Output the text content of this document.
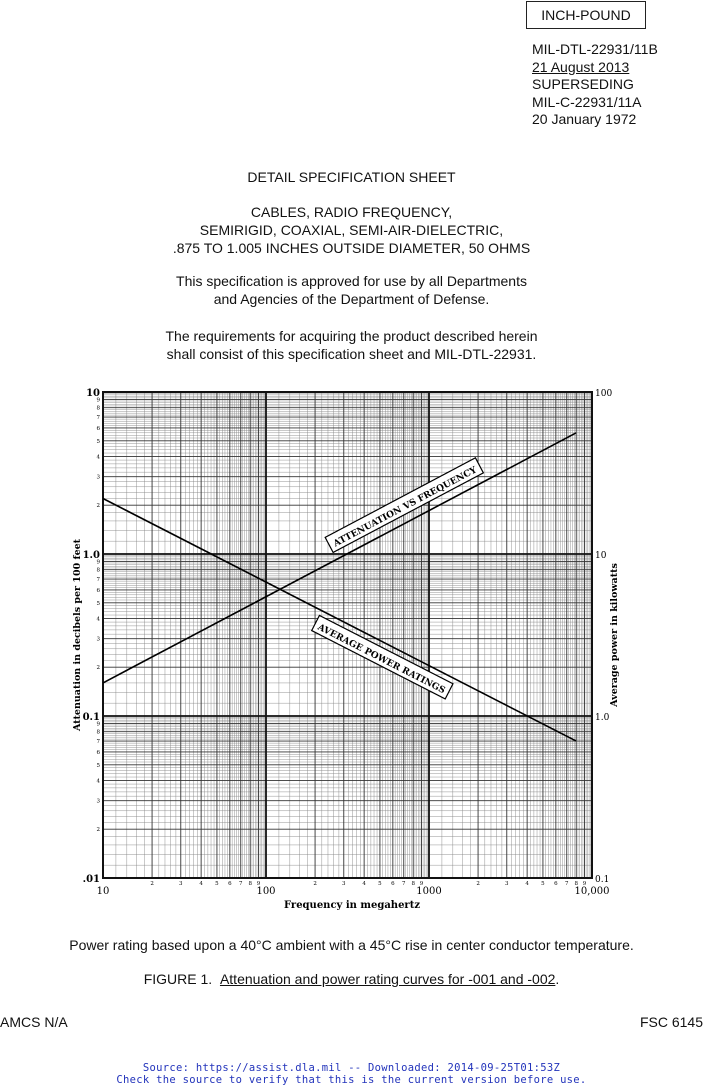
INCH-POUND
MIL-DTL-22931/11B
21 August 2013
SUPERSEDING
MIL-C-22931/11A
20 January 1972
DETAIL SPECIFICATION SHEET
CABLES, RADIO FREQUENCY,
SEMIRIGID, COAXIAL, SEMI-AIR-DIELECTRIC,
.875 TO 1.005 INCHES OUTSIDE DIAMETER, 50 OHMS
This specification is approved for use by all Departments
and Agencies of the Department of Defense.
The requirements for acquiring the product described herein
shall consist of this specification sheet and MIL-DTL-22931.
10	100	1000	10,000
.01
0.1
1.0
10
0.1
1.0
10
100
2	3	4 5 6 7 8 9	2	3	4 5 6 7 8 9	2	3	4 5 6 7 8 9
2
3
4
5
6
7
8
9
2
3
4
5
6
7
8
9
2
3
4
5
6
7
8
9
ATTENUATION VS FREQUENCY
AVERAGE POWER RATINGS
Frequency in megahertz
Attenuation in decibels per 100 feet	Average power in kilowatts
Power rating based upon a 40°C ambient with a 45°C rise in center conductor temperature.
FIGURE 1. Attenuation and power rating curves for -001 and -002.
AMCS N/A	FSC 6145
Source: https://assist.dla.mil -- Downloaded: 2014-09-25T01:53Z
Check the source to verify that this is the current version before use.
